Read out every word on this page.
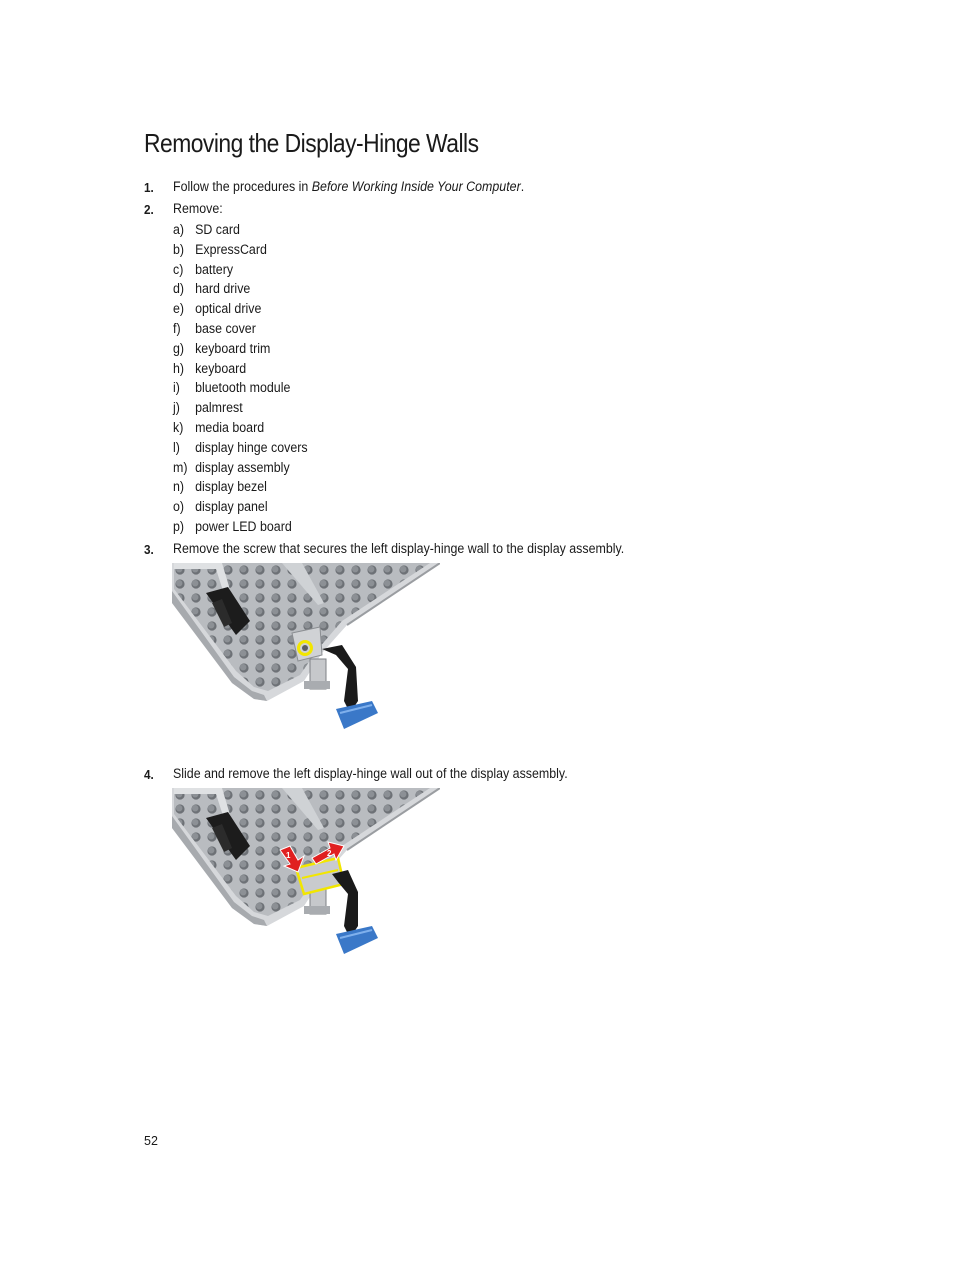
Removing the Display-Hinge Walls
1. Follow the procedures in Before Working Inside Your Computer.
2. Remove:
a) SD card
b) ExpressCard
c) battery
d) hard drive
e) optical drive
f) base cover
g) keyboard trim
h) keyboard
i) bluetooth module
j) palmrest
k) media board
l) display hinge covers
m) display assembly
n) display bezel
o) display panel
p) power LED board
3. Remove the screw that secures the left display-hinge wall to the display assembly.
4. Slide and remove the left display-hinge wall out of the display assembly.
1	2
52
